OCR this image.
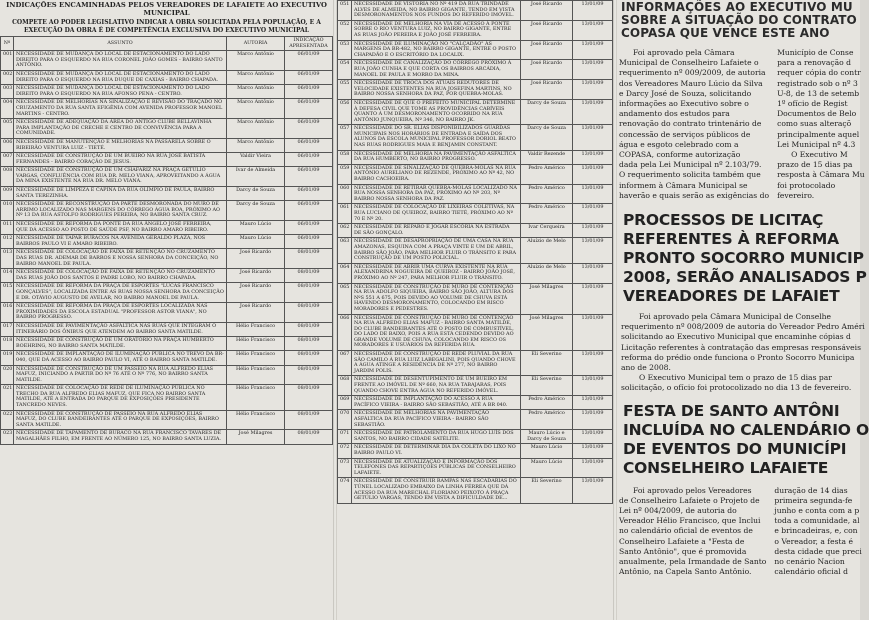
INDICAÇÕES ENCAMINHADAS PELOS VEREADORES DE LAFAIETE AO EXECUTIVO MUNICIPAL
COMPETE AO PODER LEGISLATIVO INDICAR A OBRA SOLICITADA PELA POPULAÇÃO, E A EXECUÇÃO DA OBRA É DE COMPETÊNCIA EXCLUSIVA DO EXECUTIVO MUNICIPAL
Nº	ASSUNTO	AUTORIA	INDICAÇÃO APRESENTADA
001	NECESSIDADE DE MUDANÇA DO LOCAL DE ESTACIONAMENTO DO LADO DIREITO PARA O ESQUERDO NA RUA CORONEL JOÃO GOMES - BAIRRO SANTO ANTÔNIO.	Marco Antônio	06/01/09
002	NECESSIDADE DE MUDANÇA DO LOCAL DE ESTACIONAMENTO DO LADO DIREITO PARA O ESQUERDO NA RUA DUQUE DE CAXIAS - BAIRRO CHAPADA.	Marco Antônio	06/01/09
003	NECESSIDADE DE MUDANÇA DO LOCAL DE ESTACIONAMENTO DO LADO DIREITO PARA O ESQUERDO NA RUA AFONSO PENA - CENTRO.	Marco Antônio	06/01/09
004	NECESSIDADE DE MELHORIAS NA SINALIZAÇÃO E REVISÃO DO TRAÇADO NO CRUZAMENTO DA RUA SANTA EFIGÊNIA COM AVENIDA PROFESSOR MANOEL MARTINS - CENTRO.	Marco Antônio	06/01/09
005	NECESSIDADE DE ADEQUAÇÃO DA ÁREA DO ANTIGO CLUBE BELLAVINHA PARA IMPLANTAÇÃO DE CRECHE E CENTRO DE CONVIVÊNCIA PARA A COMUNIDADE.	Marco Antônio	06/01/09
006	NECESSIDADE DE MANUTENÇÃO E MELHORIAS NA PASSARELA SOBRE O RIBEIRÃO VENTURA LUIZ - TIETÉ.	Marco Antônio	06/01/09
007	NECESSIDADE DE CONSTRUÇÃO DE UM BUEIRO NA RUA JOSÉ BATISTA FERNANDES - BAIRRO CORAÇÃO DE JESUS.	Valdir Vieira	06/01/09
008	NECESSIDADE DE CONSTRUÇÃO DE UM CHAFARIZ NA PRAÇA GETÚLIO VARGAS, CONFLUÊNCIA COM RUA DR. MELO VIANA, APROVEITANDO A ÁGUA DA MINA EXISTENTE NA RUA DR. MELO VIANA.	Ivar de Almeida	06/01/09
009	NECESSIDADE DE LIMPEZA E CAPINA DA RUA OLÍMPIO DE PAULA, BAIRRO SANTA TEREZINHA.	Darcy de Souza	06/01/09
010	NECESSIDADE DE RECONSTRUÇÃO DA PARTE DESMORONADA DO MURO DE ARRIMO LOCALIZADO NAS MARGENS DO CÓRREGO ÁGUA BOA, PRÓXIMO AO Nº 13 DA RUA ASTOLFO RODRIGUES PEREIRA, NO BAIRRO SANTA CRUZ.	Darcy de Souza	06/01/09
011	NECESSIDADE DE REFORMA DA PONTE DA RUA ÂNGELO JOSÉ FERREIRA, QUE DÁ ACESSO AO POSTO DE SAÚDE PSF, NO BAIRRO AMARO RIBEIRO.	Mauro Lúcio	06/01/09
012	NECESSIDADE DE TAPAR BURACOS NA AVENIDA GERALDO PLAZA, NOS BAIRROS PAULO VI E AMARO RIBEIRO.	Mauro Lúcio	06/01/09
013	NECESSIDADE DE COLOCAÇÃO DE FAIXA DE RETENÇÃO NO CRUZAMENTO DAS RUAS DR. ADEMAR DE BARROS E NOSSA SENHORA DA CONCEIÇÃO, NO BAIRRO MANOEL DE PAULA.	José Ricardo	08/01/09
014	NECESSIDADE DE COLOCAÇÃO DE FAIXA DE RETENÇÃO NO CRUZAMENTO DAS RUAS JOÃO DOS SANTOS E PADRE LOBO, NO BAIRRO CHAPADA.	José Ricardo	08/01/09
015	NECESSIDADE DE REFORMA DA PRAÇA DE ESPORTES "LUCAS FRANCISCO GONÇALVES", LOCALIZADA ENTRE AS RUAS NOSSA SENHORA DA CONCEIÇÃO E DR. OTÁVIO AUGUSTO DE AVELAR, NO BAIRRO MANOEL DE PAULA.	José Ricardo	08/01/09
016	NECESSIDADE DE REFORMA DA PRAÇA DE ESPORTES LOCALIZADA NAS PROXIMIDADES DA ESCOLA ESTADUAL "PROFESSOR ASTOR VIANA", NO BAIRRO PROGRESSO.	José Ricardo	08/01/09
017	NECESSIDADE DE PAVIMENTAÇÃO ASFÁLTICA NAS RUAS QUE INTEGRAM O ITINERÁRIO DOS ÔNIBUS QUE ATENDEM AO BAIRRO SANTA MATILDE.	Hélio Francisco	08/01/09
018	NECESSIDADE DE CONSTRUÇÃO DE UM ORATÓRIO NA PRAÇA HUMBERTO BOEHRING, NO BAIRRO SANTA MATILDE.	Hélio Francisco	08/01/09
019	NECESSIDADE DE IMPLANTAÇÃO DE ILUMINAÇÃO PÚBLICA NO TREVO DA BR-040, QUE DÁ ACESSO AO BAIRRO PAULO VI, ATÉ O BAIRRO SANTA MATILDE.	Hélio Francisco	08/01/09
020	NECESSIDADE DE CONSTRUÇÃO DE UM PASSEIO NA RUA ALFREDO ELIAS MAFUZ, INICIANDO A PARTIR DO Nº 76 ATÉ O Nº 776, NO BAIRRO SANTA MATILDE.	Hélio Francisco	08/01/09
021	NECESSIDADE DE COLOCAÇÃO DE REDE DE ILUMINAÇÃO PÚBLICA NO TRECHO DA RUA ALFREDO ELIAS MAFUZ, QUE FICA NO BAIRRO SANTA MATILDE, ATÉ A ENTRADA DO PARQUE DE EXPOSIÇÕES PRESIDENTE TANCREDO NEVES.	Hélio Francisco	08/01/09
022	NECESSIDADE DE CONSTRUÇÃO DE PASSEIO NA RUA ALFREDO ELIAS MAFUZ, DO CLUBE BANDEIRANTES ATÉ O PARQUE DE EXPOSIÇÕES, BAIRRO SANTA MATILDE.	Hélio Francisco	08/01/09
023	NECESSIDADE DE TAPAMENTO DE BURACO NA RUA FRANCISCO TAVARES DE MAGALHÃES FILHO, EM FRENTE AO NÚMERO 125, NO BAIRRO SANTA LUZIA.	José Milagres	08/01/09
051	NECESSIDADE DE VISTORIA NO Nº 419 DA RUA TRINDADE ALVES DE ALMEIDA, NO BAIRRO GIGANTE, TENDO EM VISTA DESMORONAMENTOS NOS FUNDOS DO REFERIDO IMÓVEL.	José Ricardo	13/01/09
052	NECESSIDADE DE MELHORIA NA VIA DE ACESSO À PONTE SOBRE O RIO VENTURA LUIZ, NO BAIRRO GIGANTE, ENTRE AS RUAS JOÃO PEREIRA E JOÃO JOSÉ FERREIRA.	José Ricardo	13/01/09
053	NECESSIDADE DE ILUMINAÇÃO NO "CALÇADÃO" ÀS MARGENS DA BR-482, NO BAIRRO GIGANTE, ENTRE O POSTO CHAPADÃO E O ESCRITÓRIO DA LOCALIX.	José Ricardo	13/01/09
054	NECESSIDADE DE CANALIZAÇÃO DO CÓRREGO PRÓXIMO À RUA JOÃO CUNHA E QUE CORTA OS BAIRROS ARCÁDIA, MANOEL DE PAULA E MORRO DA MINA.	José Ricardo	13/01/09
055	NECESSIDADE DE TROCA DOS ATUAIS REDUTORES DE VELOCIDADE EXISTENTES NA RUA JOSEFINA MARTINS, NO BAIRRO NOSSA SENHORA DA PAZ, POR QUEBRA-MOLAS.	José Ricardo	13/01/09
056	NECESSIDADE DE QUE O PREFEITO MUNICIPAL DETERMINE À DEFESA CIVIL QUE TOME AS PROVIDÊNCIAS CABÍVEIS QUANTO À UM DESMORONAMENTO OCORRIDO NA RUA ANTÔNIO JUNQUEIRA, Nº 346, NO BAIRRO JK.	Darcy de Souza	13/01/09
057	NECESSIDADE DO SR. ELIAS DISPONIBILIZADOS GUARDAS MUNICIPAIS NOS HORÁRIOS DE ENTRADA E SAÍDA DOS ALUNOS DA ESCOLA MUNICIPAL PROFESSOR DORIOL BEATO NAS RUAS RODRIGUES MAIA E BENJAMIN CONSTANT.	Darcy de Souza	13/01/09
058	NECESSIDADE DE MELHORIA NA PAVIMENTAÇÃO ASFÁLTICA DA RUA HUMBERTO, NO BAIRRO PROGRESSO.	Valdir Rezende	13/01/09
059	NECESSIDADE DE SINALIZAÇÃO DE QUEBRA-MOLAS NA RUA ANTÔNIO AURELIANO DE REZENDE, PRÓXIMO AO Nº 42, NO BAIRRO CACHOEIRA.	Pedro Américo	13/01/09
060	NECESSIDADE DE RETIRAR QUEBRA-MOLAS LOCALIZADO NA RUA NOSSA SENHORA DA PAZ, PRÓXIMO AO Nº 203, Nº BAIRRO NOSSA SENHORA DA PAZ.	Pedro Américo	13/01/09
061	NECESSIDADE DE COLOCAÇÃO DE LIXEIRAS COLETIVAS, NA RUA LUCIANO DE QUEIROZ, BAIRRO TIETÉ, PRÓXIMO AO Nº 70 E Nº 20.	Pedro Américo	13/01/09
062	NECESSIDADE DE REPARO E JOGAR ESCÓRIA NA ESTRADA DE SÃO GONÇALO.	Ivar Cerqueira	13/01/09
063	NECESSIDADE DE DESAPROPRIAÇÃO DE UMA CASA NA RUA AMAZONAS, ESQUINA COM A PRAÇA VINTE E UM DE ABRIL, BAIRRO SÃO JOÃO, PARA MELHOR FLUIR O TRÂNSITO E PARA CONSTRUÇÃO DE UM POSTO POLICIAL.	Aluízio de Melo	13/01/09
064	NECESSIDADE DE ABRIR UMA CURVA EXISTENTE NA RUA ALEXANDRINA NOGUEIRA DE QUEIROZ - BAIRRO JOÃO JOSÉ, PRÓXIMO AO Nº 247, PARA MELHOR FLUIR O TRÂNSITO.	Aluízio de Melo	13/01/09
065	NECESSIDADE DE CONSTRUÇÃO DE MURO DE CONTENÇÃO NA RUA ADOLFO SIQUEIRA, BAIRRO SÃO JOÃO, ALTURA DOS NºS 551 A 675, POIS DEVIDO AO VOLUME DE CHUVA ESTÁ HAVENDO DESMORONAMENTO, COLOCANDO EM RISCO MORADORES E PEDESTRES.	José Milagres	13/01/09
066	NECESSIDADE DE CONSTRUÇÃO DE MURO DE CONTENÇÃO NA RUA ALFREDO ELIAS MAFUZ - BAIRRO SANTA MATILDE, DO CLUBE BANDEIRANTES ATÉ O POSTO DE COMBUSTÍVEL, DO LADO DE BAIXO, POIS A RUA ESTÁ CEDENDO DEVIDO AO GRANDE VOLUME DE CHUVA, COLOCANDO EM RISCO OS MORADORES E USUÁRIOS DA REFERIDA RUA.	José Milagres	13/01/09
067	NECESSIDADE DE CONSTRUÇÃO DE REDE PLUVIAL DA RUA SÃO CAMILO À RUA LUIZ LABEGALINI, POIS QUANDO CHOVE A ÁGUA ATINGE A RESIDÊNCIA DE Nº 277, NO BAIRRO JARDIM POLIS.	Eli Severino	13/01/09
068	NECESSIDADE DE DESENTUPIMENTO DE UM BUEIRO EM FRENTE AO IMÓVEL DE Nº 660, NA RUA TABAJARAS, POIS QUANDO CHOVE ENTRA ÁGUA NO REFERIDO IMÓVEL.	Eli Severino	13/01/09
069	NECESSIDADE DE IMPLANTAÇÃO DO ACESSO À RUA PACÍFICO VIEIRA - BAIRRO SÃO SEBASTIÃO, ATÉ A BR 040.	Pedro Américo	13/01/09
070	NECESSIDADE DE MELHORIAS NA PAVIMENTAÇÃO ASFÁLTICA DA RUA PACÍFICO VIEIRA - BAIRRO SÃO SEBASTIÃO.	Pedro Américo	13/01/09
071	NECESSIDADE DE PATROLAMENTO DA RUA HUGO LUÍS DOS SANTOS, NO BAIRRO CIDADE SATÉLITE.	Mauro Lúcio e Darcy de Souza	13/01/09
072	NECESSIDADE DE DETERMINAR DIA DA COLETA DO LIXO NO BAIRRO PAULO VI.	Mauro Lúcio	13/01/09
073	NECESSIDADE DE ATUALIZAÇÃO E INFORMAÇÃO DOS TELEFONES DAS REPARTIÇÕES PÚBLICAS DE CONSELHEIRO LAFAIETE.	Mauro Lúcio	13/01/09
074	NECESSIDADE DE CONSTRUIR RAMPAS NAS ESCADARIAS DO TÚNEL LOCALIZADO EMBAIXO DA LINHA FÉRREA QUE DÁ ACESSO DA RUA MARECHAL FLORIANO PEIXOTO À PRAÇA GETÚLIO VARGAS, TENDO EM VISTA A DIFICULDADE DE...	Eli Severino	13/01/09
INFORMAÇÕES AO EXECUTIVO MU
SOBRE A SITUAÇÃO DO CONTRATO
COPASA QUE VENCE ESTE ANO

Foi aprovado pela Câmara

Municipal de Conselheiro Lafaiete o

requerimento nº 009/2009, de autoria

dos Vereadores Mauro Lúcio da Silva

e Darcy José de Souza, solicitando

informações ao Executivo sobre o

andamento dos estudos para

renovação do contrato trintenário de

concessão de serviços públicos de

água e esgoto celebrado com a

COPASA, conforme autorização

dada pela Lei Municipal nº 2.103/79.

O requerimento solicita também que

informem à Câmara Municipal se

haverão e quais serão as exigências do

Município de Conse

para a renovação d

requer cópia do contr

registrado sob o nº 3

U-8, de 13 de setemb

1º ofício de Regist

Documentos de Belo

como suas alteraçõ

principalmente aquel

Lei Municipal nº 4.3

O Executivo M

prazo de 15 dias pa

resposta à Câmara Mu

foi protocolado

fevereiro.

PROCESSOS DE LICITAÇ
REFERENTES À REFORMA
PRONTO SOCORRO MUNICIP
2008, SERÃO ANALISADOS P
VEREADORES DE LAFAIET

Foi aprovado pela Câmara Municipal de Conselhe

requerimento nº 008/2009 de autoria do Vereador Pedro Améri

solicitando ao Executivo Municipal que encaminhe cópias d

Licitação referentes à contratação das empresas responsáveis

reforma do prédio onde funciona o Pronto Socorro Municipa

ano de 2008.

O Executivo Municipal tem o prazo de 15 dias par

solicitação, o ofício foi protocolizado no dia 13 de fevereiro.

FESTA DE SANTO ANTÔNI
INCLUÍDA NO CALENDÁRIO O
DE EVENTOS DO MUNICÍPI
CONSELHEIRO LAFAIETE

Foi aprovado pelos Vereadores

de Conselheiro Lafaiete o Projeto de

Lei nº 004/2009, de autoria do

Vereador Hélio Francisco, que Inclui

no calendário oficial de eventos de

Conselheiro Lafaiete a "Festa de

Santo Antônio", que é promovida

anualmente, pela Irmandade de Santo

Antônio, na Capela Santo Antônio.

duração de 14 dias

primeira segunda-fe

junho e conta com a p

toda a comunidade, al

e brincadeiras, e, con

o Vereador, a festa é

desta cidade que preci

no cenário Nacion

calendário oficial d
